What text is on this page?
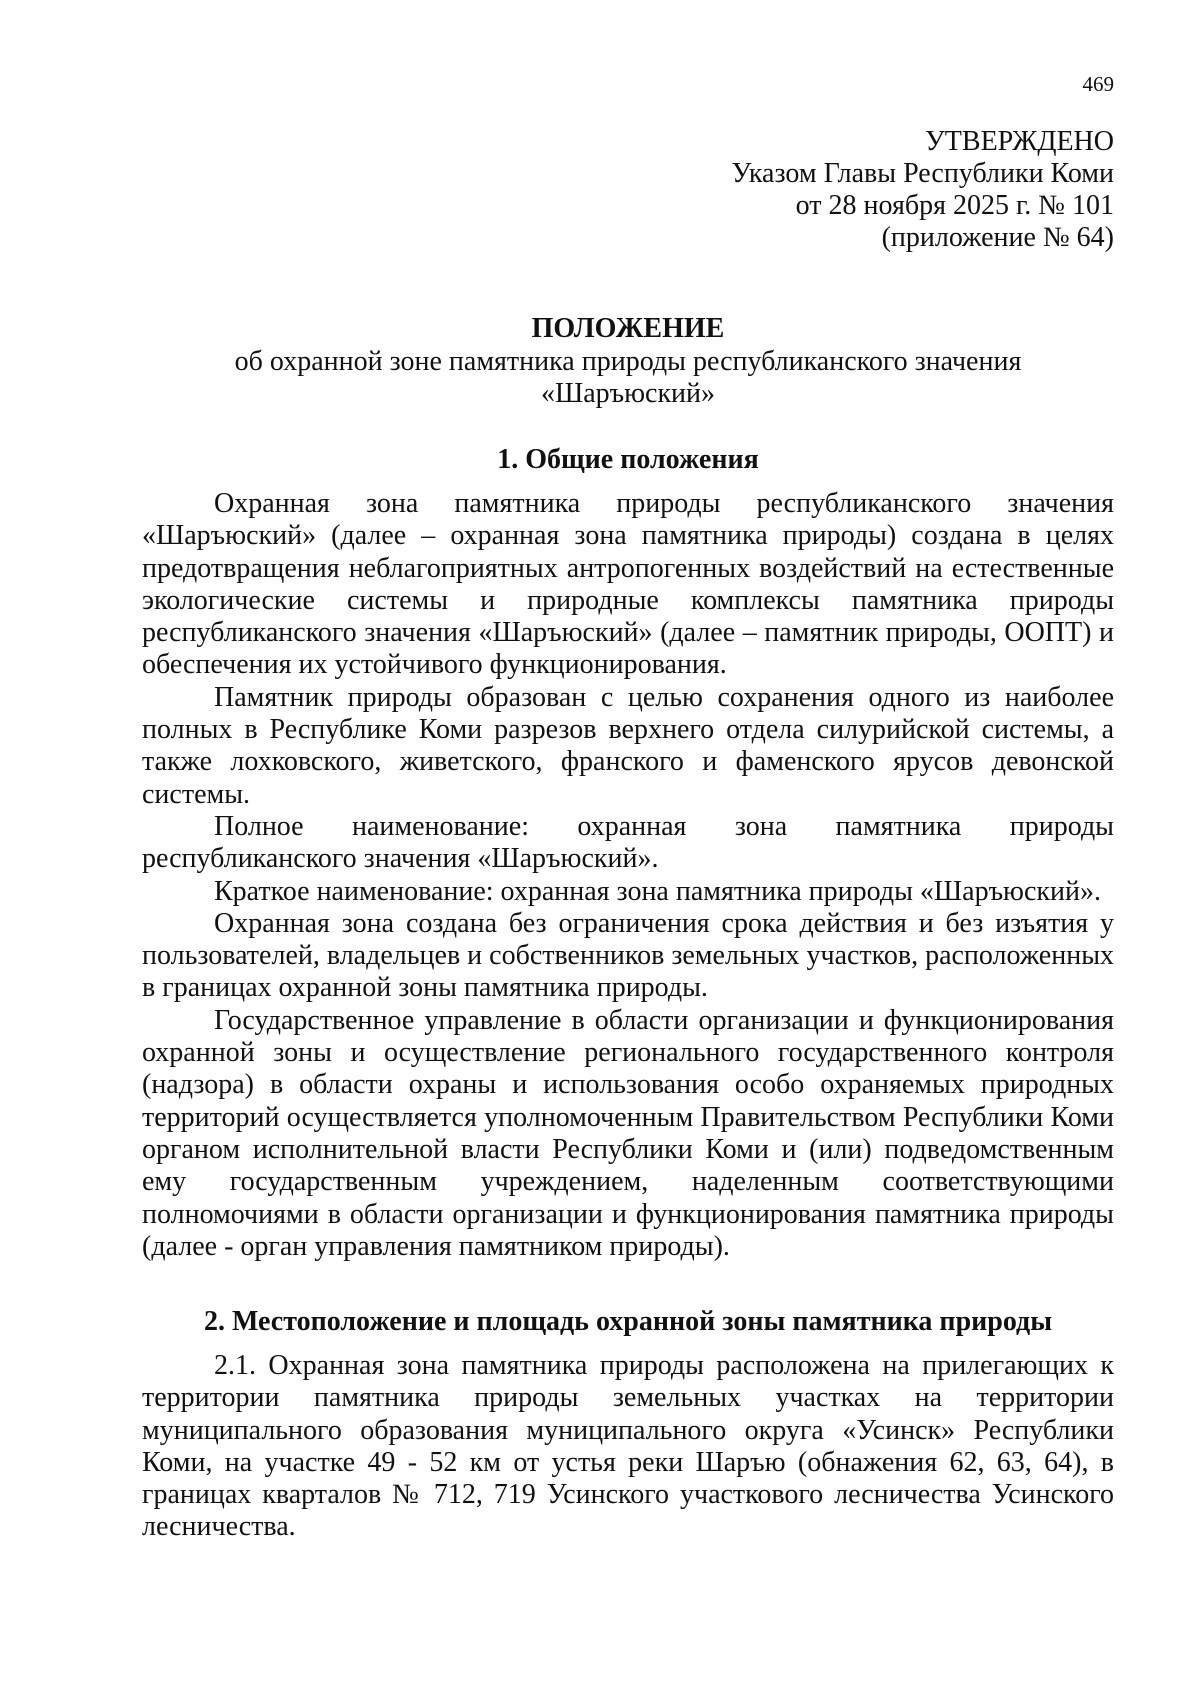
469
УТВЕРЖДЕНО
Указом Главы Республики Коми
от 28 ноября 2025 г. № 101
(приложение № 64)
ПОЛОЖЕНИЕ
об охранной зоне памятника природы республиканского значения
«Шаръюский»
1. Общие положения

Охранная зона памятника природы республиканского значения «Шаръюский» (далее – охранная зона памятника природы) создана в целях предотвращения неблагоприятных антропогенных воздействий на естественные экологические системы и природные комплексы памятника природы республиканского значения «Шаръюский» (далее – памятник природы, ООПТ) и обеспечения их устойчивого функционирования.

Памятник природы образован с целью сохранения одного из наиболее полных в Республике Коми разрезов верхнего отдела силурийской системы, а также лохковского, живетского, франского и фаменского ярусов девонской системы.

Полное наименование: охранная зона памятника природы республиканского значения «Шаръюский».

Краткое наименование: охранная зона памятника природы «Шаръюский».

Охранная зона создана без ограничения срока действия и без изъятия у пользователей, владельцев и собственников земельных участков, расположенных в границах охранной зоны памятника природы.

Государственное управление в области организации и функционирования охранной зоны и осуществление регионального государственного контроля (надзора) в области охраны и использования особо охраняемых природных территорий осуществляется уполномоченным Правительством Республики Коми органом исполнительной власти Республики Коми и (или) подведомственным ему государственным учреждением, наделенным соответствующими полномочиями в области организации и функционирования памятника природы (далее - орган управления памятником природы).

2. Местоположение и площадь охранной зоны памятника природы

2.1. Охранная зона памятника природы расположена на прилегающих к территории памятника природы земельных участках на территории муниципального образования муниципального округа «Усинск» Республики Коми, на участке 49 - 52 км от устья реки Шаръю (обнажения 62, 63, 64), в границах кварталов № 712, 719 Усинского участкового лесничества Усинского лесничества.
